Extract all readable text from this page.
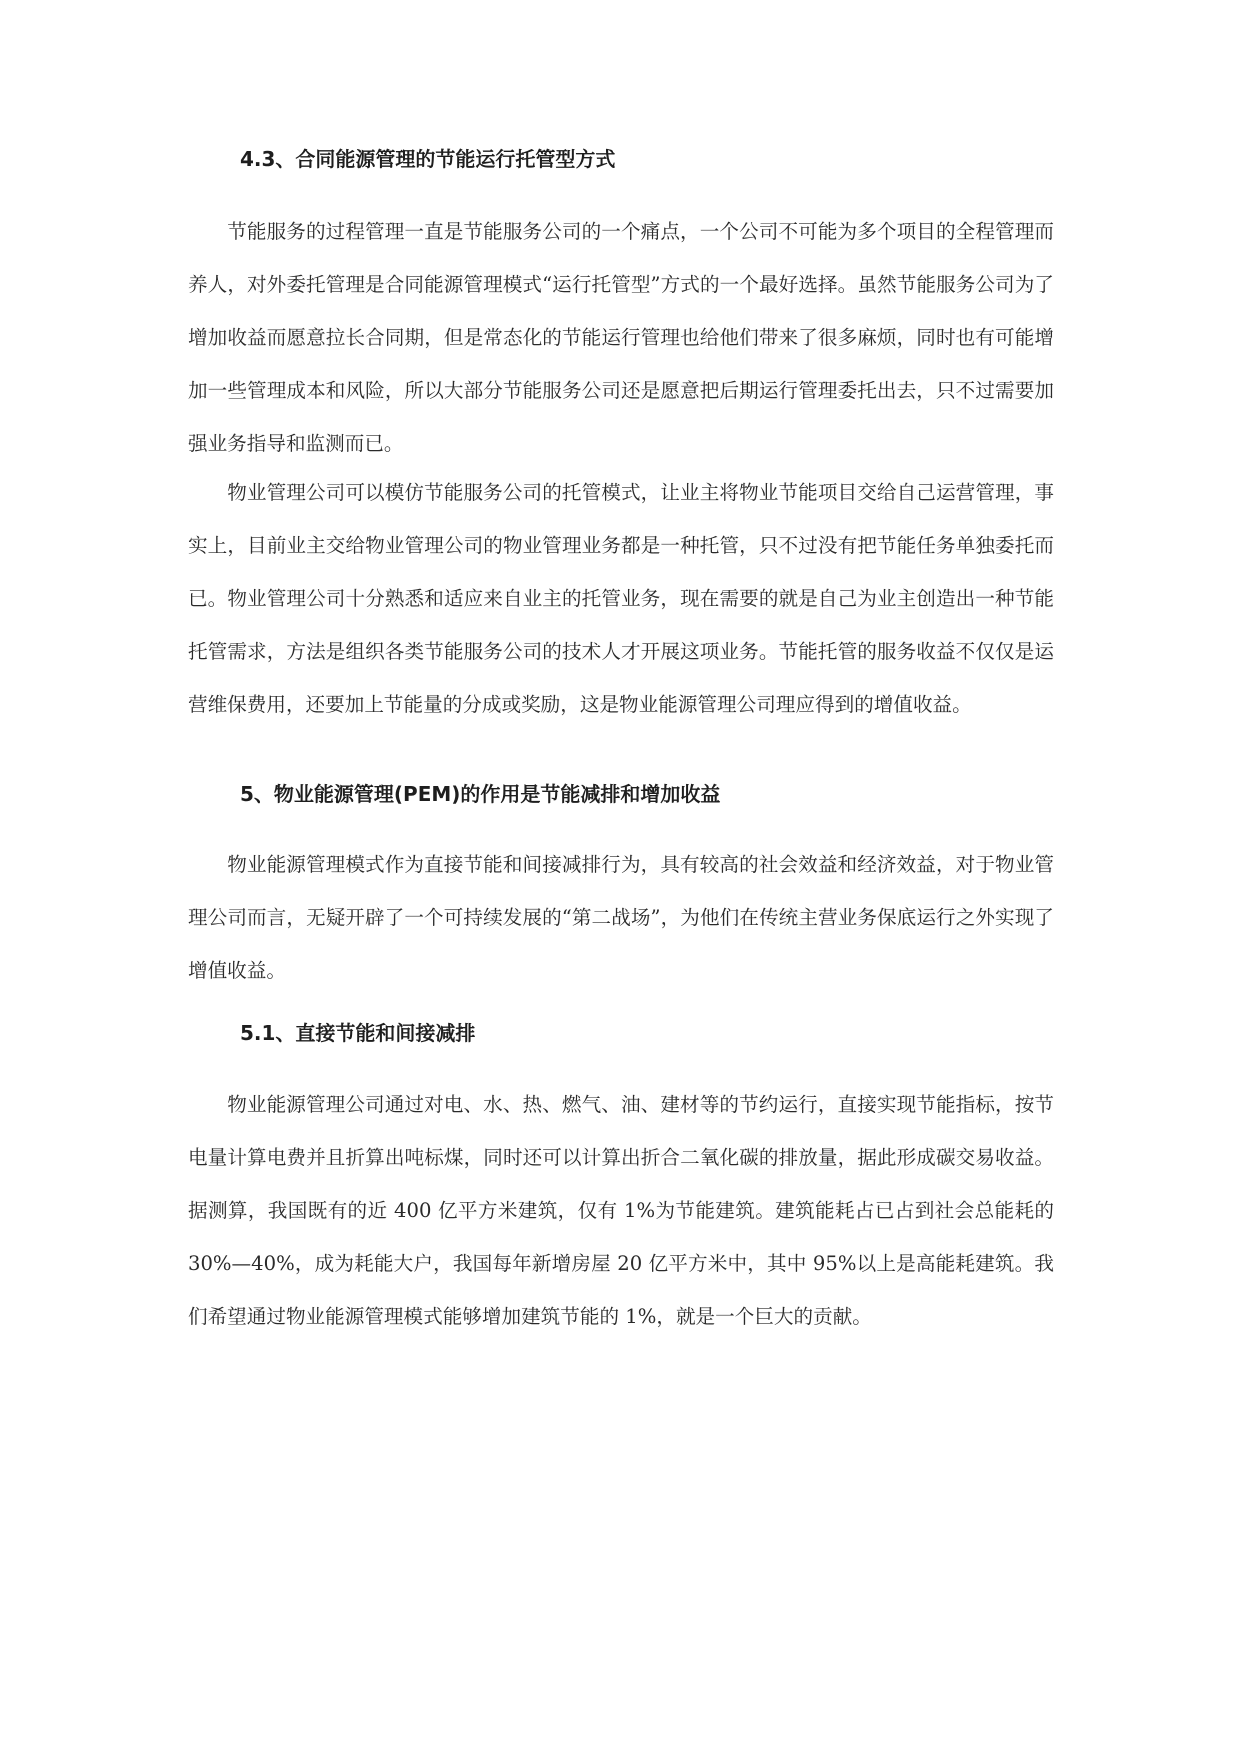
4.3、合同能源管理的节能运行托管型方式

节能服务的过程管理一直是节能服务公司的一个痛点，一个公司不可能为多个项目的全程管理而养人，对外委托管理是合同能源管理模式“运行托管型”方式的一个最好选择。虽然节能服务公司为了增加收益而愿意拉长合同期，但是常态化的节能运行管理也给他们带来了很多麻烦，同时也有可能增加一些管理成本和风险，所以大部分节能服务公司还是愿意把后期运行管理委托出去，只不过需要加强业务指导和监测而已。

物业管理公司可以模仿节能服务公司的托管模式，让业主将物业节能项目交给自己运营管理，事实上，目前业主交给物业管理公司的物业管理业务都是一种托管，只不过没有把节能任务单独委托而已。物业管理公司十分熟悉和适应来自业主的托管业务，现在需要的就是自己为业主创造出一种节能托管需求，方法是组织各类节能服务公司的技术人才开展这项业务。节能托管的服务收益不仅仅是运营维保费用，还要加上节能量的分成或奖励，这是物业能源管理公司理应得到的增值收益。

5、物业能源管理(PEM)的作用是节能减排和增加收益

物业能源管理模式作为直接节能和间接减排行为，具有较高的社会效益和经济效益，对于物业管理公司而言，无疑开辟了一个可持续发展的“第二战场”，为他们在传统主营业务保底运行之外实现了增值收益。

5.1、直接节能和间接减排

物业能源管理公司通过对电、水、热、燃气、油、建材等的节约运行，直接实现节能指标，按节电量计算电费并且折算出吨标煤，同时还可以计算出折合二氧化碳的排放量，据此形成碳交易收益。据测算，我国既有的近 400 亿平方米建筑，仅有 1%为节能建筑。建筑能耗占已占到社会总能耗的 30%—40%，成为耗能大户，我国每年新增房屋 20 亿平方米中，其中 95%以上是高能耗建筑。我们希望通过物业能源管理模式能够增加建筑节能的 1%，就是一个巨大的贡献。
